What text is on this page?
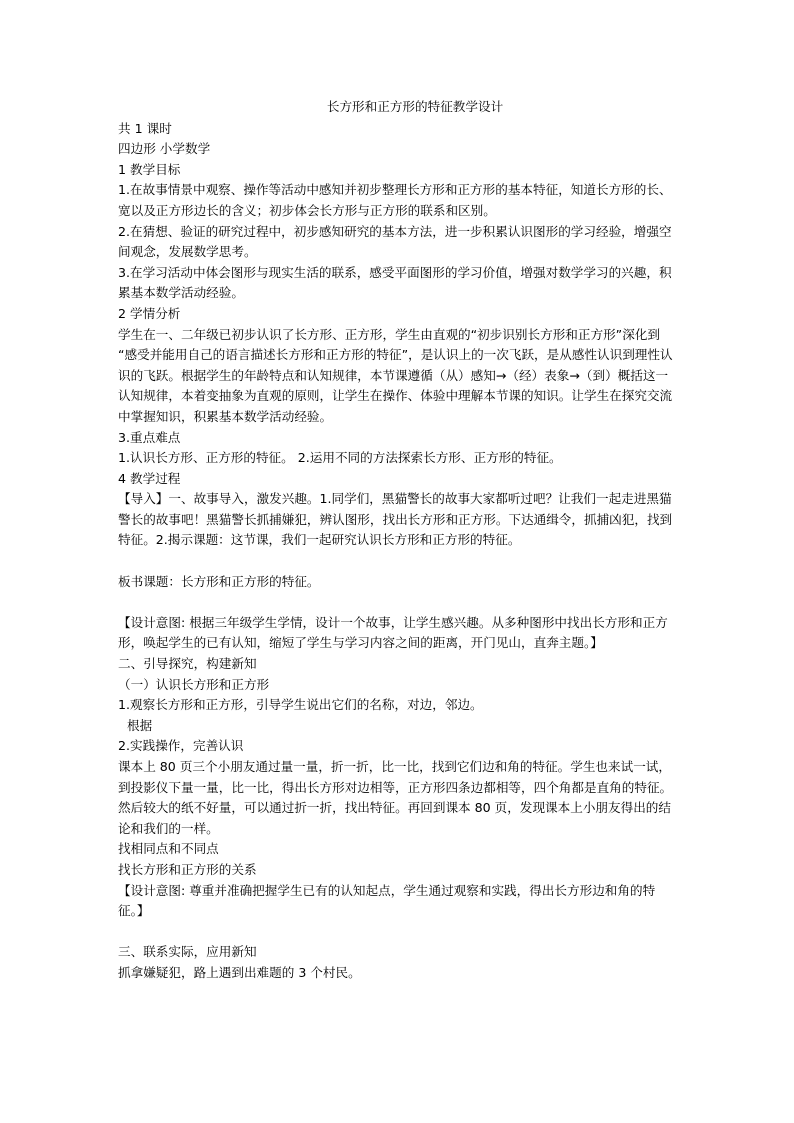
长方形和正方形的特征教学设计

共 1 课时

四边形 小学数学

1 教学目标

1.在故事情景中观察、操作等活动中感知并初步整理长方形和正方形的基本特征，知道长方形的长、宽以及正方形边长的含义；初步体会长方形与正方形的联系和区别。

2.在猜想、验证的研究过程中，初步感知研究的基本方法，进一步积累认识图形的学习经验，增强空间观念，发展数学思考。

3.在学习活动中体会图形与现实生活的联系，感受平面图形的学习价值，增强对数学学习的兴趣，积累基本数学活动经验。

2 学情分析

学生在一、二年级已初步认识了长方形、正方形，学生由直观的“初步识别长方形和正方形”深化到 “感受并能用自己的语言描述长方形和正方形的特征”，是认识上的一次飞跃，是从感性认识到理性认识的飞跃。根据学生的年龄特点和认知规律，本节课遵循（从）感知→（经）表象→（到）概括这一认知规律，本着变抽象为直观的原则，让学生在操作、体验中理解本节课的知识。让学生在探究交流中掌握知识，积累基本数学活动经验。

3.重点难点

1.认识长方形、正方形的特征。 2.运用不同的方法探索长方形、正方形的特征。

4 教学过程

【导入】一、故事导入，激发兴趣。1.同学们，黑猫警长的故事大家都听过吧？让我们一起走进黑猫警长的故事吧！黑猫警长抓捕嫌犯，辨认图形，找出长方形和正方形。下达通缉令，抓捕凶犯，找到特征。2.揭示课题：这节课，我们一起研究认识长方形和正方形的特征。

板书课题：长方形和正方形的特征。

【设计意图: 根据三年级学生学情，设计一个故事，让学生感兴趣。从多种图形中找出长方形和正方形，唤起学生的已有认知，缩短了学生与学习内容之间的距离，开门见山，直奔主题。】

二、引导探究，构建新知

（一）认识长方形和正方形

1.观察长方形和正方形，引导学生说出它们的名称，对边，邻边。

根据

2.实践操作，完善认识

课本上 80 页三个小朋友通过量一量，折一折，比一比，找到它们边和角的特征。学生也来试一试，到投影仪下量一量，比一比，得出长方形对边相等，正方形四条边都相等，四个角都是直角的特征。然后较大的纸不好量，可以通过折一折，找出特征。再回到课本 80 页，发现课本上小朋友得出的结论和我们的一样。

找相同点和不同点

找长方形和正方形的关系

【设计意图: 尊重并准确把握学生已有的认知起点，学生通过观察和实践，得出长方形边和角的特征。】

三、联系实际，应用新知

抓拿嫌疑犯，路上遇到出难题的 3 个村民。
